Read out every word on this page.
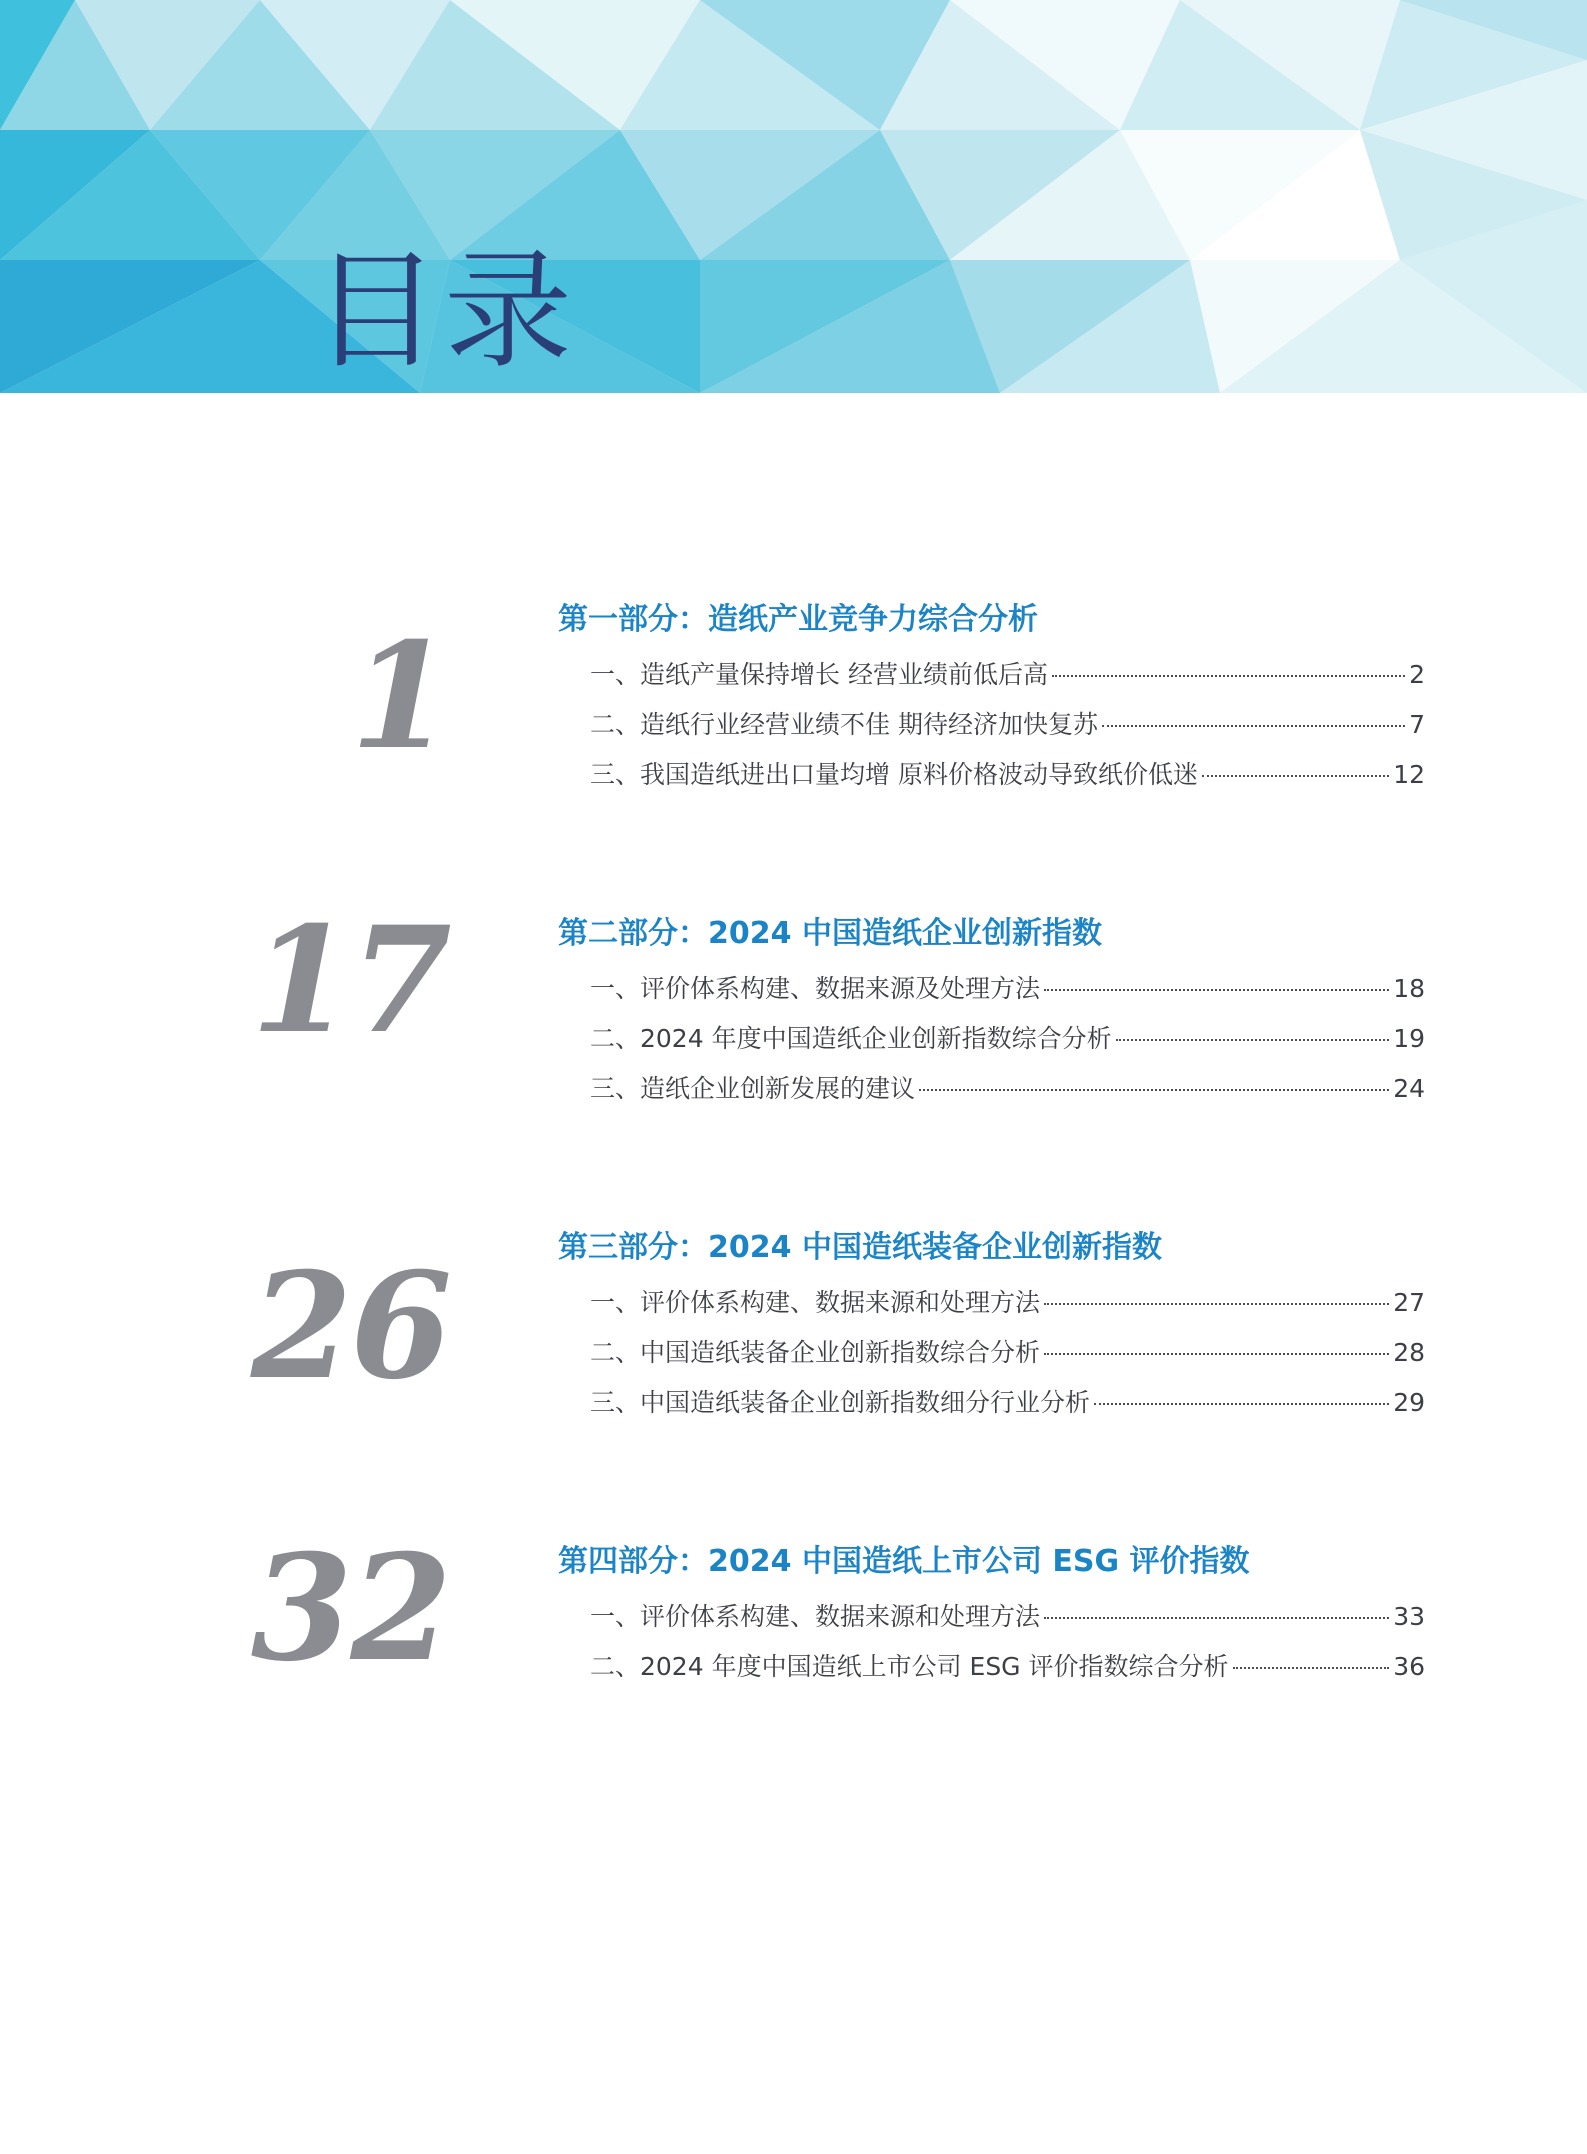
目录
1	第一部分：造纸产业竞争力综合分析
一、造纸产量保持增长 经营业绩前低后高	2
二、造纸行业经营业绩不佳 期待经济加快复苏	7
三、我国造纸进出口量均增 原料价格波动导致纸价低迷	12
17	第二部分：2024 中国造纸企业创新指数
一、评价体系构建、数据来源及处理方法	18
二、2024 年度中国造纸企业创新指数综合分析	19
三、造纸企业创新发展的建议	24
26	第三部分：2024 中国造纸装备企业创新指数
一、评价体系构建、数据来源和处理方法	27
二、中国造纸装备企业创新指数综合分析	28
三、中国造纸装备企业创新指数细分行业分析	29
32	第四部分：2024 中国造纸上市公司 ESG 评价指数
一、评价体系构建、数据来源和处理方法	33
二、2024 年度中国造纸上市公司 ESG 评价指数综合分析	36
